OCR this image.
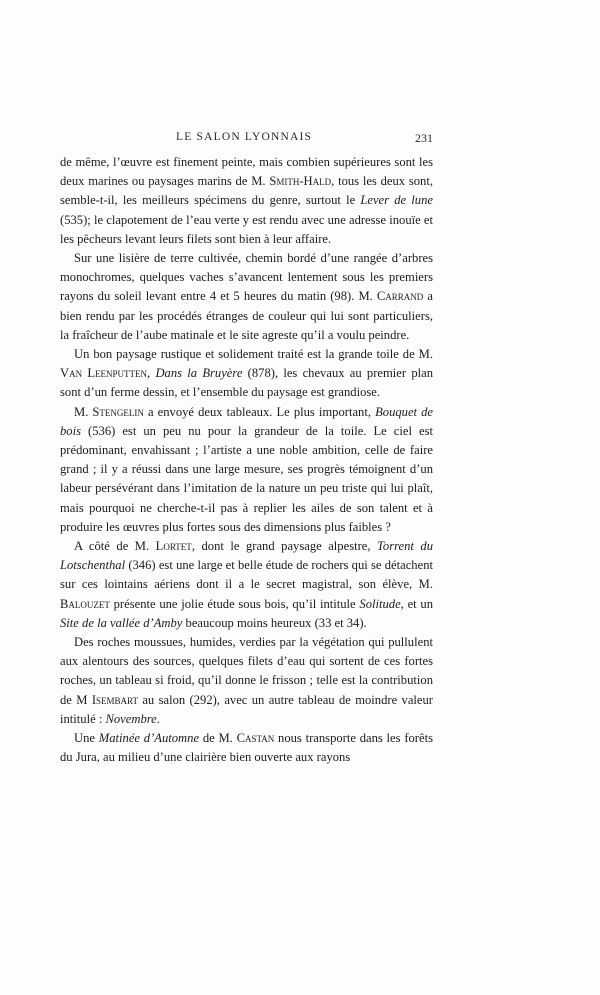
LE SALON LYONNAIS	231

de même, l’œuvre est finement peinte, mais combien supérieures sont les deux marines ou paysages marins de M. Smith-Hald, tous les deux sont, semble-t-il, les meilleurs spécimens du genre, surtout le Lever de lune (535); le clapotement de l’eau verte y est rendu avec une adresse inouïe et les pêcheurs levant leurs filets sont bien à leur affaire.

Sur une lisière de terre cultivée, chemin bordé d’une rangée d’arbres monochromes, quelques vaches s’avancent lentement sous les premiers rayons du soleil levant entre 4 et 5 heures du matin (98). M. Carrand a bien rendu par les procédés étranges de couleur qui lui sont particuliers, la fraîcheur de l’aube matinale et le site agreste qu’il a voulu peindre.

Un bon paysage rustique et solidement traité est la grande toile de M. Van Leenputten, Dans la Bruyère (878), les chevaux au premier plan sont d’un ferme dessin, et l’ensemble du paysage est grandiose.

M. Stengelin a envoyé deux tableaux. Le plus important, Bouquet de bois (536) est un peu nu pour la grandeur de la toile. Le ciel est prédominant, envahissant ; l’artiste a une noble ambition, celle de faire grand ; il y a réussi dans une large mesure, ses progrès témoignent d’un labeur persévérant dans l’imitation de la nature un peu triste qui lui plaît, mais pourquoi ne cherche-t-il pas à replier les ailes de son talent et à produire les œuvres plus fortes sous des dimensions plus faibles ?

A côté de M. Lortet, dont le grand paysage alpestre, Torrent du Lotschenthal (346) est une large et belle étude de rochers qui se détachent sur ces lointains aériens dont il a le secret magistral, son élève, M. Balouzet présente une jolie étude sous bois, qu’il intitule Solitude, et un Site de la vallée d’Amby beaucoup moins heureux (33 et 34).

Des roches moussues, humides, verdies par la végétation qui pullulent aux alentours des sources, quelques filets d’eau qui sortent de ces fortes roches, un tableau si froid, qu’il donne le frisson ; telle est la contribution de M Isembart au salon (292), avec un autre tableau de moindre valeur intitulé : Novembre.

Une Matinée d’Automne de M. Castan nous transporte dans les forêts du Jura, au milieu d’une clairière bien ouverte aux rayons
